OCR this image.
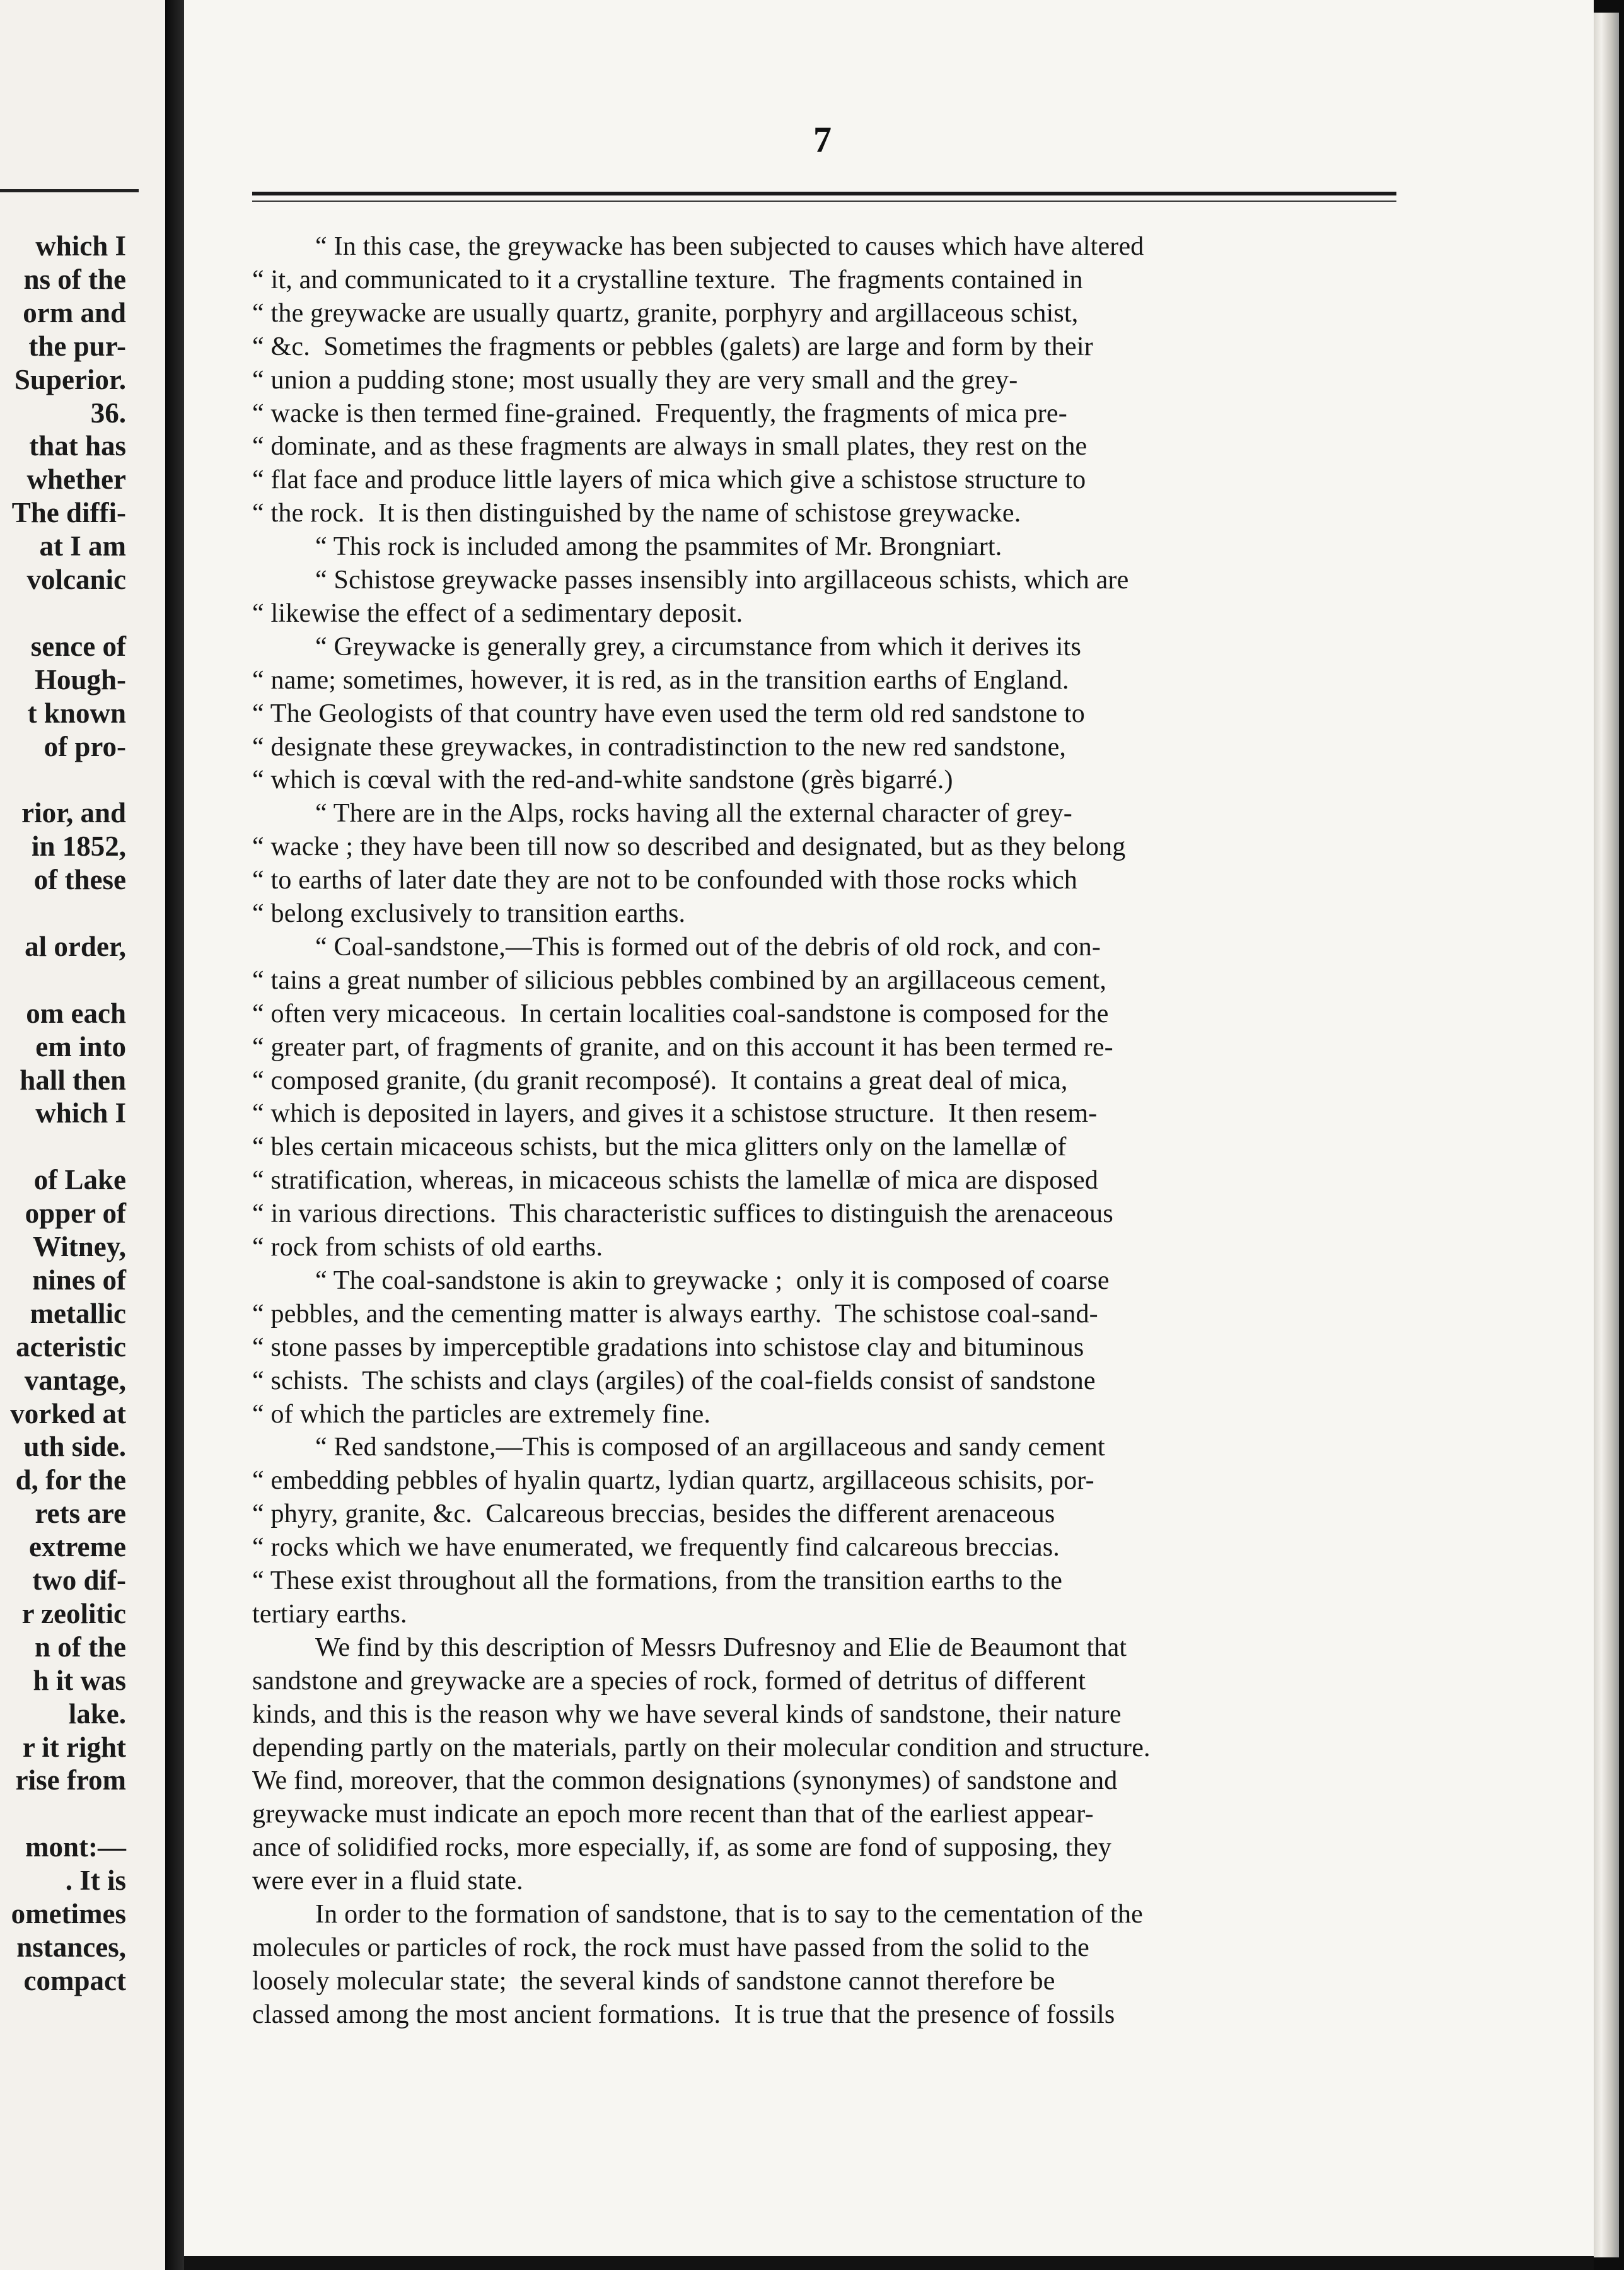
which I
ns of the
orm and
the pur-
Superior.
36.
that has
whether
The diffi-
at I am
volcanic
sence of
Hough-
t known
of pro-
rior, and
in 1852,
of these
al order,
om each
em into
hall then
which I
of Lake
opper of
Witney,
nines of
metallic
acteristic
vantage,
vorked at
uth side.
d, for the
rets are
extreme
two dif-
r zeolitic
n of the
h it was
lake.
r it right
rise from
mont:—
. It is
ometimes
nstances,
compact
7
“ In this case, the greywacke has been subjected to causes which have altered
“ it, and communicated to it a crystalline texture.  The fragments contained in
“ the greywacke are usually quartz, granite, porphyry and argillaceous schist,
“ &c.  Sometimes the fragments or pebbles (galets) are large and form by their
“ union a pudding stone; most usually they are very small and the grey-
“ wacke is then termed fine-grained.  Frequently, the fragments of mica pre-
“ dominate, and as these fragments are always in small plates, they rest on the
“ flat face and produce little layers of mica which give a schistose structure to
“ the rock.  It is then distinguished by the name of schistose greywacke.
“ This rock is included among the psammites of Mr. Brongniart.
“ Schistose greywacke passes insensibly into argillaceous schists, which are
“ likewise the effect of a sedimentary deposit.
“ Greywacke is generally grey, a circumstance from which it derives its
“ name; sometimes, however, it is red, as in the transition earths of England.
“ The Geologists of that country have even used the term old red sandstone to
“ designate these greywackes, in contradistinction to the new red sandstone,
“ which is cœval with the red-and-white sandstone (grès bigarré.)
“ There are in the Alps, rocks having all the external character of grey-
“ wacke ; they have been till now so described and designated, but as they belong
“ to earths of later date they are not to be confounded with those rocks which
“ belong exclusively to transition earths.
“ Coal-sandstone,—This is formed out of the debris of old rock, and con-
“ tains a great number of silicious pebbles combined by an argillaceous cement,
“ often very micaceous.  In certain localities coal-sandstone is composed for the
“ greater part, of fragments of granite, and on this account it has been termed re-
“ composed granite, (du granit recomposé).  It contains a great deal of mica,
“ which is deposited in layers, and gives it a schistose structure.  It then resem-
“ bles certain micaceous schists, but the mica glitters only on the lamellæ of
“ stratification, whereas, in micaceous schists the lamellæ of mica are disposed
“ in various directions.  This characteristic suffices to distinguish the arenaceous
“ rock from schists of old earths.
“ The coal-sandstone is akin to greywacke ;  only it is composed of coarse
“ pebbles, and the cementing matter is always earthy.  The schistose coal-sand-
“ stone passes by imperceptible gradations into schistose clay and bituminous
“ schists.  The schists and clays (argiles) of the coal-fields consist of sandstone
“ of which the particles are extremely fine.
“ Red sandstone,—This is composed of an argillaceous and sandy cement
“ embedding pebbles of hyalin quartz, lydian quartz, argillaceous schisits, por-
“ phyry, granite, &c.  Calcareous breccias, besides the different arenaceous
“ rocks which we have enumerated, we frequently find calcareous breccias.
“ These exist throughout all the formations, from the transition earths to the
tertiary earths.
We find by this description of Messrs Dufresnoy and Elie de Beaumont that
sandstone and greywacke are a species of rock, formed of detritus of different
kinds, and this is the reason why we have several kinds of sandstone, their nature
depending partly on the materials, partly on their molecular condition and structure.
We find, moreover, that the common designations (synonymes) of sandstone and
greywacke must indicate an epoch more recent than that of the earliest appear-
ance of solidified rocks, more especially, if, as some are fond of supposing, they
were ever in a fluid state.
In order to the formation of sandstone, that is to say to the cementation of the
molecules or particles of rock, the rock must have passed from the solid to the
loosely molecular state;  the several kinds of sandstone cannot therefore be
classed among the most ancient formations.  It is true that the presence of fossils
